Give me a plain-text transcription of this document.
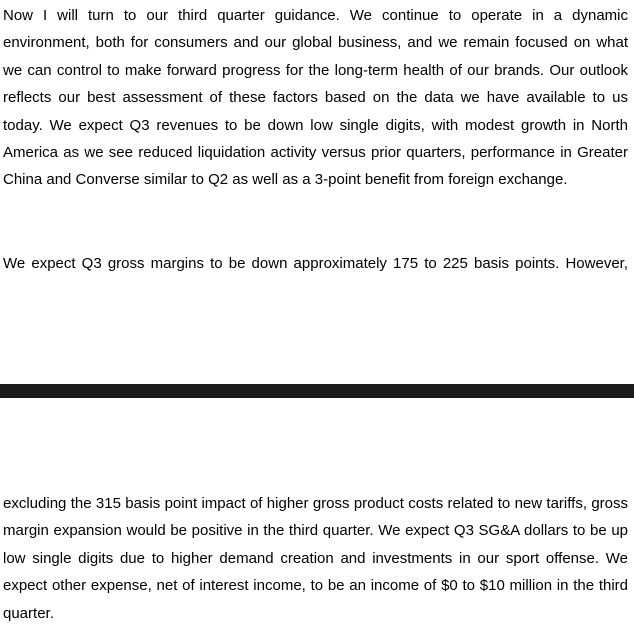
Now I will turn to our third quarter guidance. We continue to operate in a dynamic environment, both for consumers and our global business, and we remain focused on what we can control to make forward progress for the long-term health of our brands. Our outlook reflects our best assessment of these factors based on the data we have available to us today. We expect Q3 revenues to be down low single digits, with modest growth in North America as we see reduced liquidation activity versus prior quarters, performance in Greater China and Converse similar to Q2 as well as a 3-point benefit from foreign exchange.

We expect Q3 gross margins to be down approximately 175 to 225 basis points. However,

excluding the 315 basis point impact of higher gross product costs related to new tariffs, gross margin expansion would be positive in the third quarter. We expect Q3 SG&A dollars to be up low single digits due to higher demand creation and investments in our sport offense. We expect other expense, net of interest income, to be an income of $0 to $10 million in the third quarter.
